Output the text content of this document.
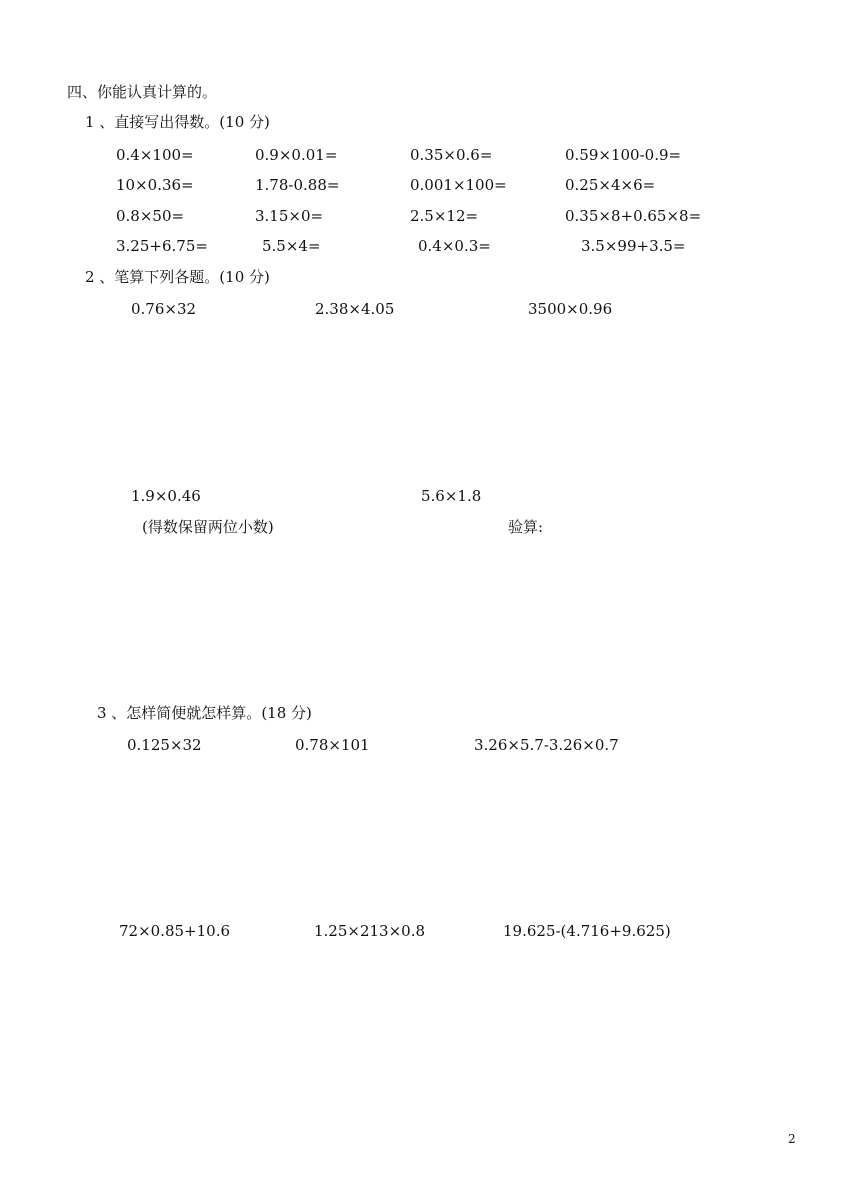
四、你能认真计算的。
1 、直接写出得数。(10 分)
0.4×100=	0.9×0.01=	0.35×0.6=	0.59×100-0.9=
10×0.36=	1.78-0.88=	0.001×100=	0.25×4×6=
0.8×50=	3.15×0=	2.5×12=	0.35×8+0.65×8=
3.25+6.75=	5.5×4=	0.4×0.3=	3.5×99+3.5=
2 、笔算下列各题。(10 分)
0.76×32	2.38×4.05	3500×0.96
1.9×0.46	5.6×1.8
(得数保留两位小数)	验算:
3 、怎样简便就怎样算。(18 分)
0.125×32	0.78×101	3.26×5.7-3.26×0.7
72×0.85+10.6	1.25×213×0.8	19.625-(4.716+9.625)
2
